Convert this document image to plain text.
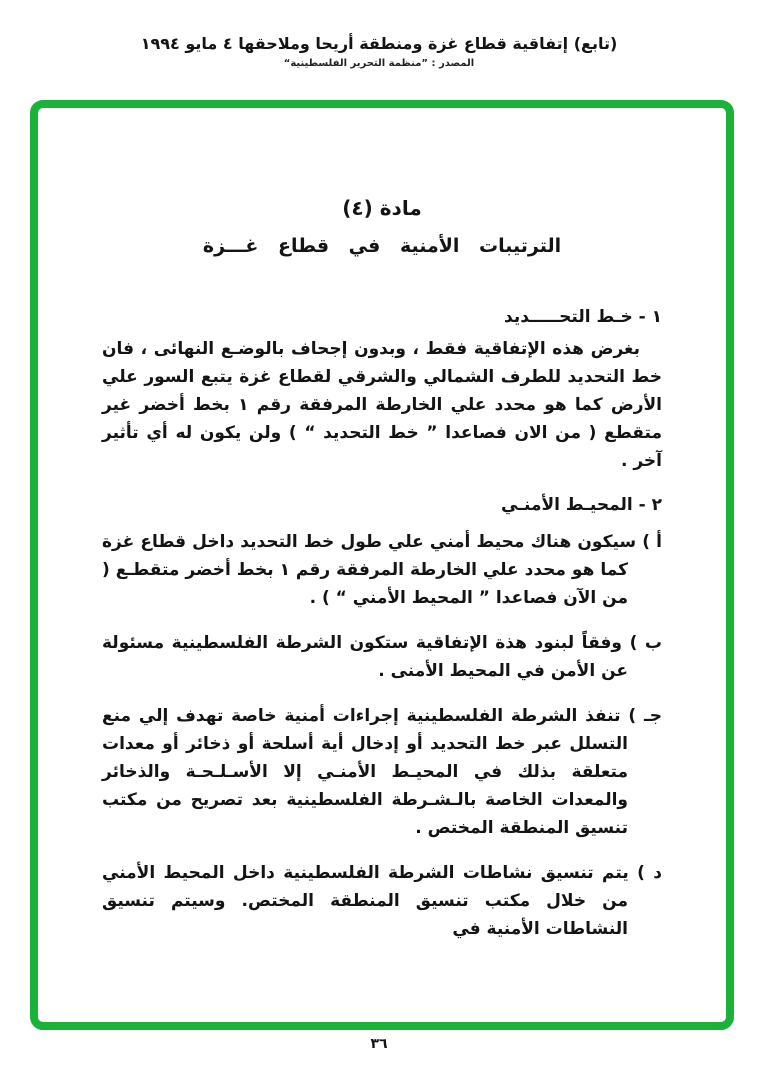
(تابع) إتفاقية قطاع غزة ومنطقة أريحا وملاحقها ٤ مايو ١٩٩٤
المصدر : ”منظمة التحرير الفلسطينية“
مادة (٤)
الترتيبات الأمنية في قطاع غـــزة
١ - خـط التحـــــديد

بغرض هذه الإتفاقية فقط ، وبدون إجحاف بالوضـع النهائى ، فان خط التحديد للطرف الشمالي والشرقي لقطاع غزة يتبع السور علي الأرض كما هو محدد علي الخارطة المرفقة رقم ١ بخط أخضر غير متقطع ( من الان فصاعدا ” خط التحديد “ ) ولن يكون له أي تأثير آخر .

٢ - المحيـط الأمنـي

أ ) سيكون هناك محيط أمني علي طول خط التحديد داخل قطاع غزة كما هو محدد علي الخارطة المرفقة رقم ١ بخط أخضر متقطـع ( من الآن فصاعدا ” المحيط الأمني “ ) .

ب ) وفقاً لبنود هذة الإتفاقية ستكون الشرطة الفلسطينية مسئولة عن الأمن في المحيط الأمنى .

جـ ) تنفذ الشرطة الفلسطينية إجراءات أمنية خاصة تهدف إلي منع التسلل عبر خط التحديد أو إدخال أية أسلحة أو ذخائر أو معدات متعلقة بذلك في المحيـط الأمنـي إلا الأسـلـحـة والذخائر والمعدات الخاصة بالـشـرطة الفلسطينية بعد تصريح من مكتب تنسيق المنطقة المختص .

د ) يتم تنسيق نشاطات الشرطة الفلسطينية داخل المحيط الأمني من خلال مكتب تنسيق المنطقة المختص. وسيتم تنسيق النشاطات الأمنية في

٣٦
